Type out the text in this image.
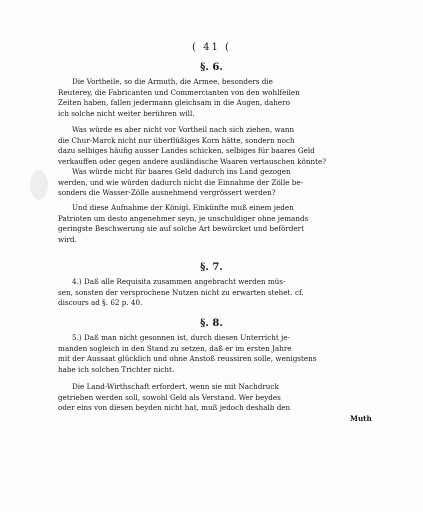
( 41 (
§. 6.

Die Vortheile, so die Armuth, die Armee, besonders die
Reuterey, die Fabricanten und Commercianten von den wohlfeilen
Zeiten haben, fallen jedermann gleichsam in die Augen, dahero
ich solche nicht weiter berühren will.

Was würde es aber nicht vor Vortheil nach sich ziehen, wann
die Chur-Marck nicht nur überflüßiges Korn hätte, sondern noch
dazu selbiges häufig ausser Landes schicken, selbiges für baares Geld
verkauffen oder gegen andere ausländische Waaren vertauschen könnte?
Was würde nicht für baares Geld dadurch ins Land gezogen
werden, und wie würden dadurch nicht die Einnahme der Zölle be-
sonders die Wasser-Zölle ausnehmend vergrössert werden?

Und diese Aufnahme der Königl. Einkünfte muß einem jeden
Patrioten um desto angenehmer seyn, je unschuldiger ohne jemands
geringste Beschwerung sie auf solche Art bewürcket und befördert
wird.

§. 7.

4.) Daß alle Requisita zusammen angebracht werden müs-
sen, sonsten der versprochene Nutzen nicht zu erwarten stehet. cf.
discours ad §. 62 p. 40.

§. 8.

5.) Daß man nicht gesonnen ist, durch diesen Unterricht je-
manden sogleich in den Stand zu setzen, daß er im ersten Jahre
mit der Aussaat glücklich und ohne Anstoß reussiren solle, wenigstens
habe ich solchen Trichter nicht.

Die Land-Wirthschaft erfordert, wenn sie mit Nachdruck
getrieben werden soll, sowohl Geld als Verstand. Wer beydes
oder eins von diesen beyden nicht hat, muß jedoch deshalb den

Muth
